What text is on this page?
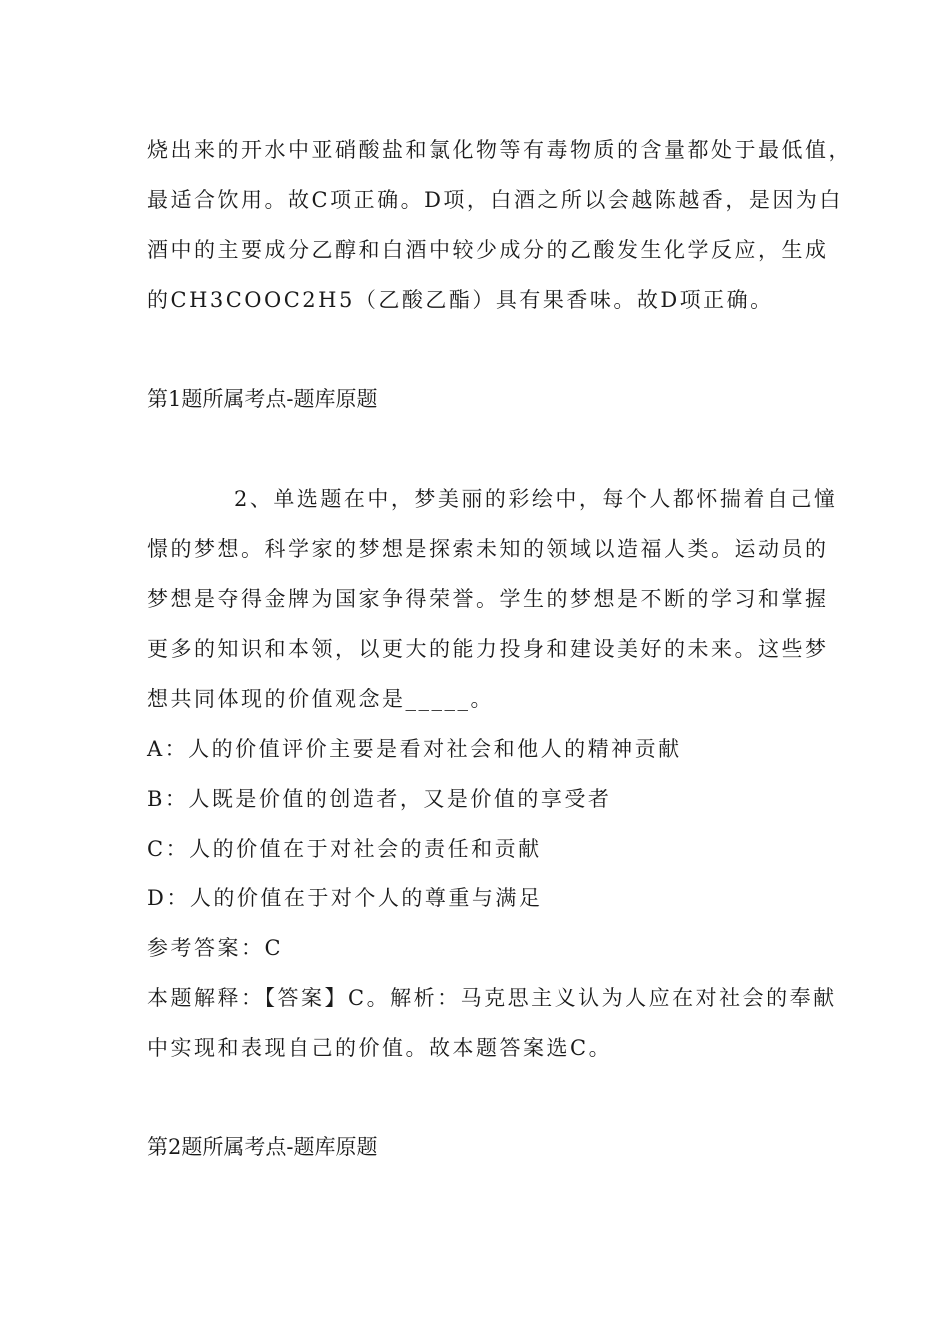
烧出来的开水中亚硝酸盐和氯化物等有毒物质的含量都处于最低值，
最适合饮用。故C项正确。D项，白酒之所以会越陈越香，是因为白
酒中的主要成分乙醇和白酒中较少成分的乙酸发生化学反应，生成
的CH3COOC2H5（乙酸乙酯）具有果香味。故D项正确。
第1题所属考点-题库原题
2、单选题在中，梦美丽的彩绘中，每个人都怀揣着自己憧
憬的梦想。科学家的梦想是探索未知的领域以造福人类。运动员的
梦想是夺得金牌为国家争得荣誉。学生的梦想是不断的学习和掌握
更多的知识和本领，以更大的能力投身和建设美好的未来。这些梦
想共同体现的价值观念是_____。
A：人的价值评价主要是看对社会和他人的精神贡献
B：人既是价值的创造者，又是价值的享受者
C：人的价值在于对社会的责任和贡献
D：人的价值在于对个人的尊重与满足
参考答案：C
本题解释：【答案】C。解析：马克思主义认为人应在对社会的奉献
中实现和表现自己的价值。故本题答案选C。
第2题所属考点-题库原题
